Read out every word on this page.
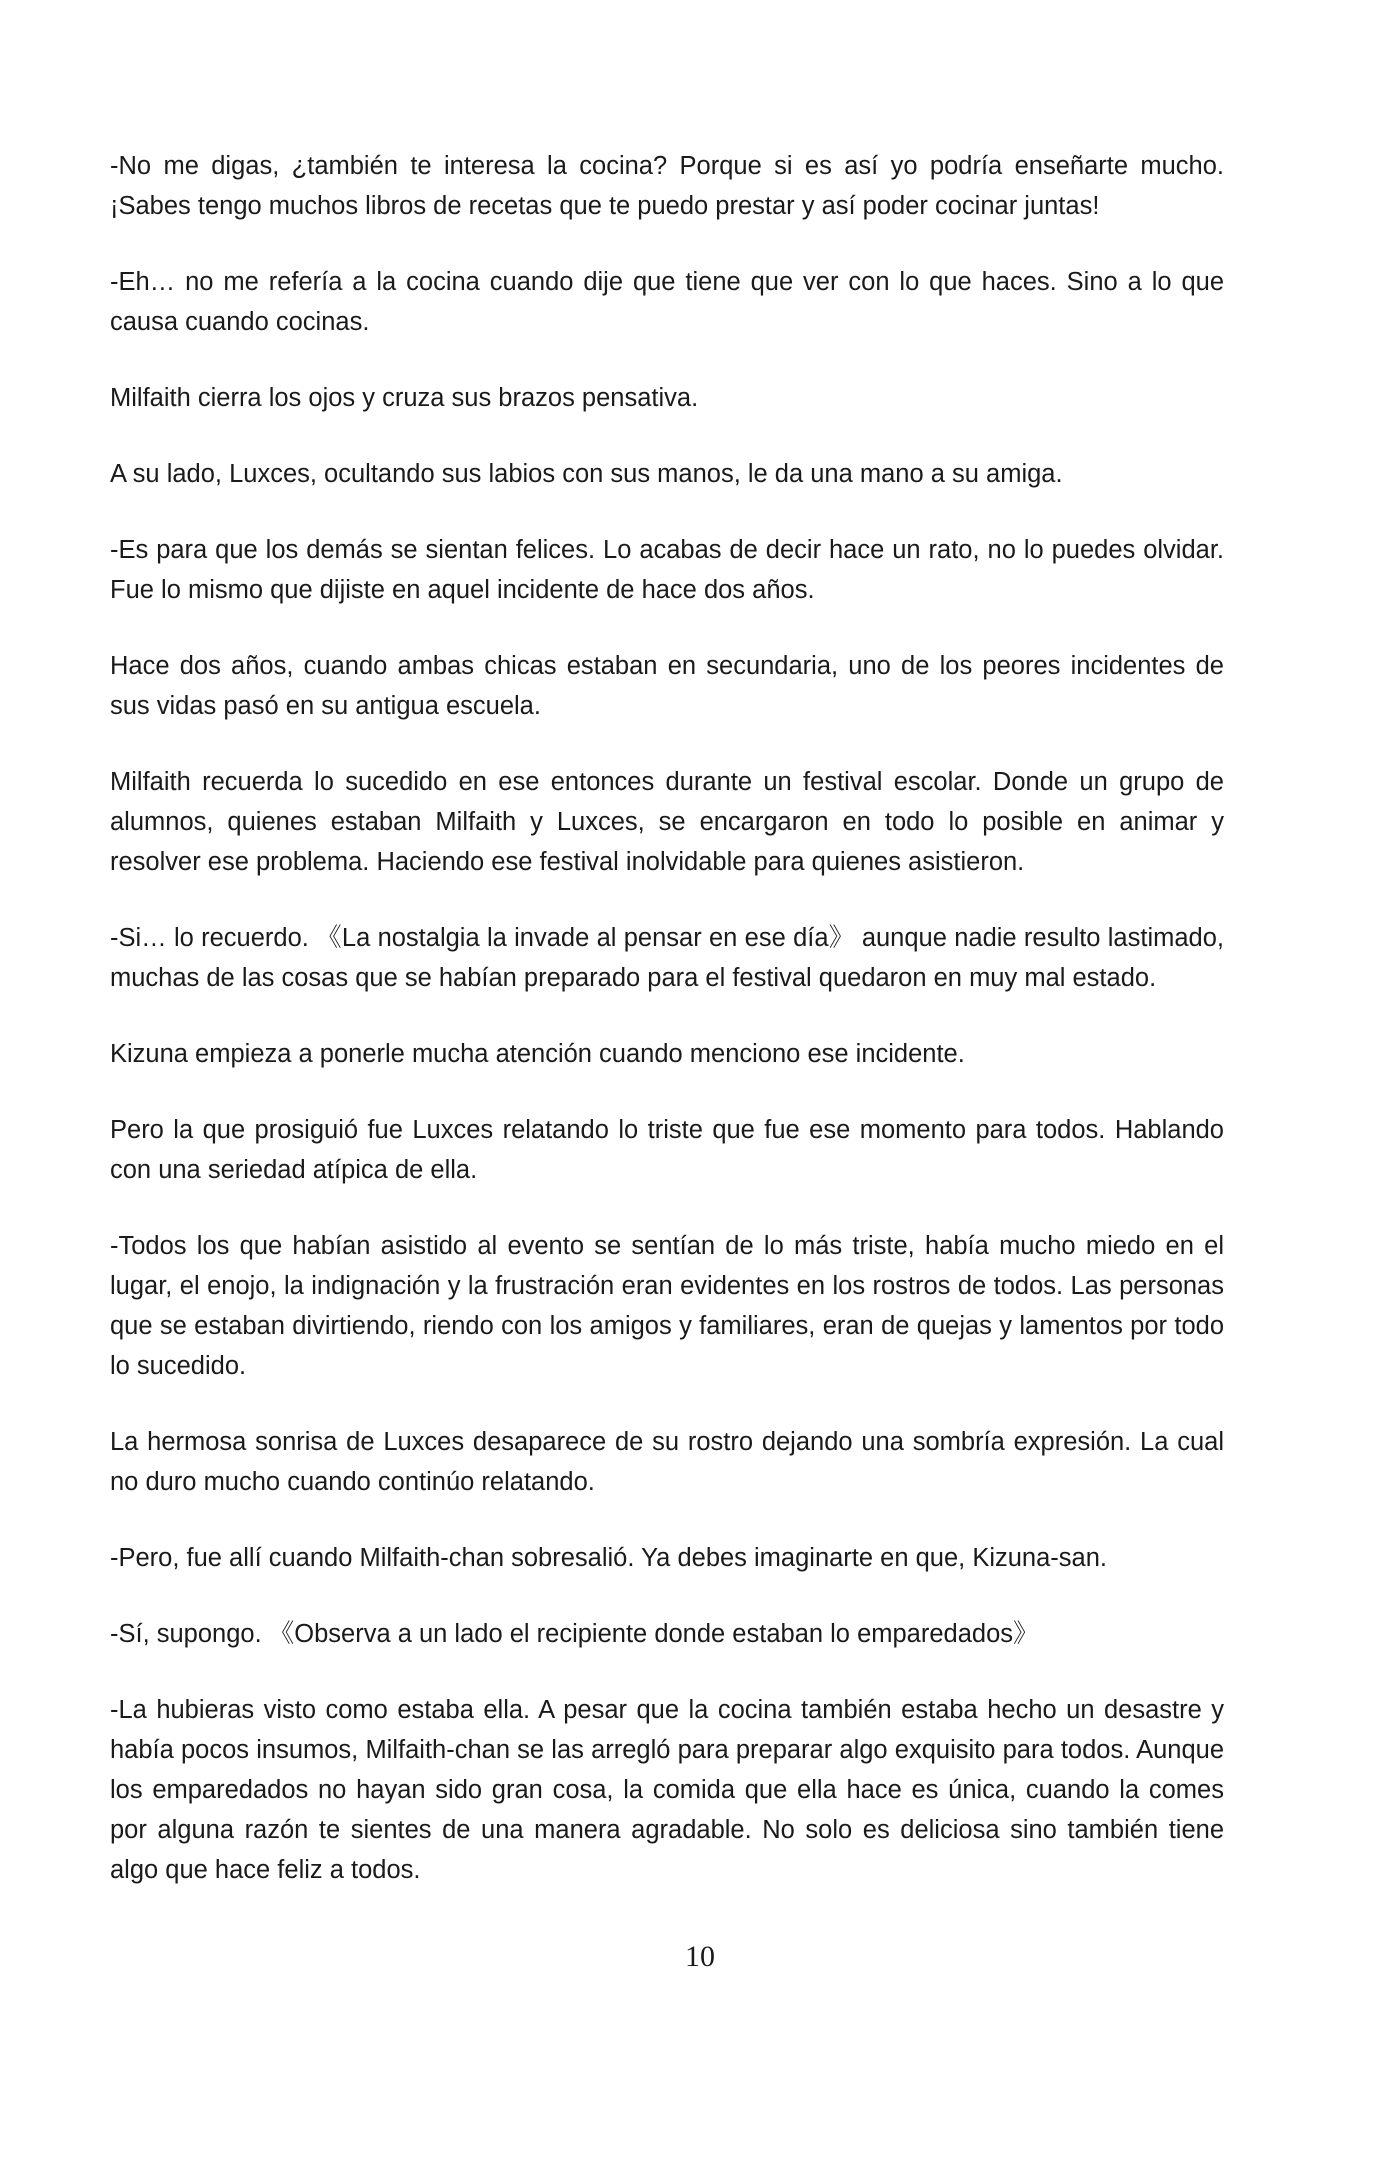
-No me digas, ¿también te interesa la cocina? Porque si es así yo podría enseñarte mucho. ¡Sabes tengo muchos libros de recetas que te puedo prestar y así poder cocinar juntas!

-Eh… no me refería a la cocina cuando dije que tiene que ver con lo que haces. Sino a lo que causa cuando cocinas.

Milfaith cierra los ojos y cruza sus brazos pensativa.

A su lado, Luxces, ocultando sus labios con sus manos, le da una mano a su amiga.

-Es para que los demás se sientan felices. Lo acabas de decir hace un rato, no lo puedes olvidar. Fue lo mismo que dijiste en aquel incidente de hace dos años.

Hace dos años, cuando ambas chicas estaban en secundaria, uno de los peores incidentes de sus vidas pasó en su antigua escuela.

Milfaith recuerda lo sucedido en ese entonces durante un festival escolar. Donde un grupo de alumnos, quienes estaban Milfaith y Luxces, se encargaron en todo lo posible en animar y resolver ese problema. Haciendo ese festival inolvidable para quienes asistieron.

-Si… lo recuerdo. 《La nostalgia la invade al pensar en ese día》 aunque nadie resulto lastimado, muchas de las cosas que se habían preparado para el festival quedaron en muy mal estado.

Kizuna empieza a ponerle mucha atención cuando menciono ese incidente.

Pero la que prosiguió fue Luxces relatando lo triste que fue ese momento para todos. Hablando con una seriedad atípica de ella.

-Todos los que habían asistido al evento se sentían de lo más triste, había mucho miedo en el lugar, el enojo, la indignación y la frustración eran evidentes en los rostros de todos. Las personas que se estaban divirtiendo, riendo con los amigos y familiares, eran de quejas y lamentos por todo lo sucedido.

La hermosa sonrisa de Luxces desaparece de su rostro dejando una sombría expresión. La cual no duro mucho cuando continúo relatando.

-Pero, fue allí cuando Milfaith-chan sobresalió. Ya debes imaginarte en que, Kizuna-san.

-Sí, supongo. 《Observa a un lado el recipiente donde estaban lo emparedados》

-La hubieras visto como estaba ella. A pesar que la cocina también estaba hecho un desastre y había pocos insumos, Milfaith-chan se las arregló para preparar algo exquisito para todos. Aunque los emparedados no hayan sido gran cosa, la comida que ella hace es única, cuando la comes por alguna razón te sientes de una manera agradable. No solo es deliciosa sino también tiene algo que hace feliz a todos.

10
